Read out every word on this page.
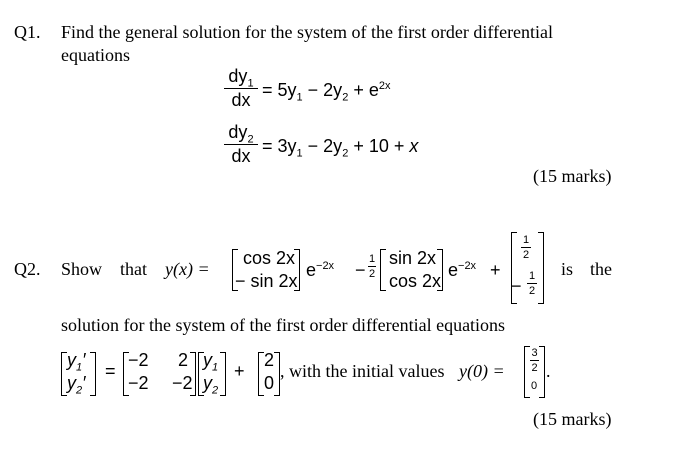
Q1. Find the general solution for the system of the first order differential
equations
$\frac{dy_1}{dx} = 5y_1 - 2y_2 + e^{2x}$
$\frac{dy_2}{dx} = 3y_1 - 2y_2 + 10 + x$
(15 marks)
Q2. Show that y(x) =
cos 2x
− sin 2x
$e^{-2x} - \frac{1}{2}$ sin 2x
cos 2x
$e^{-2x}$ +
$\frac{1}{2}$
− $\frac{1}{2}$
is the
solution for the system of the first order differential equations
$y_1'$
$y_2'$
=
−2 2
−2 −2
$y_1$
$y_2$
+
2
0
, with the initial values $y(0) = \frac{3}{2}$
0
.
(15 marks)
